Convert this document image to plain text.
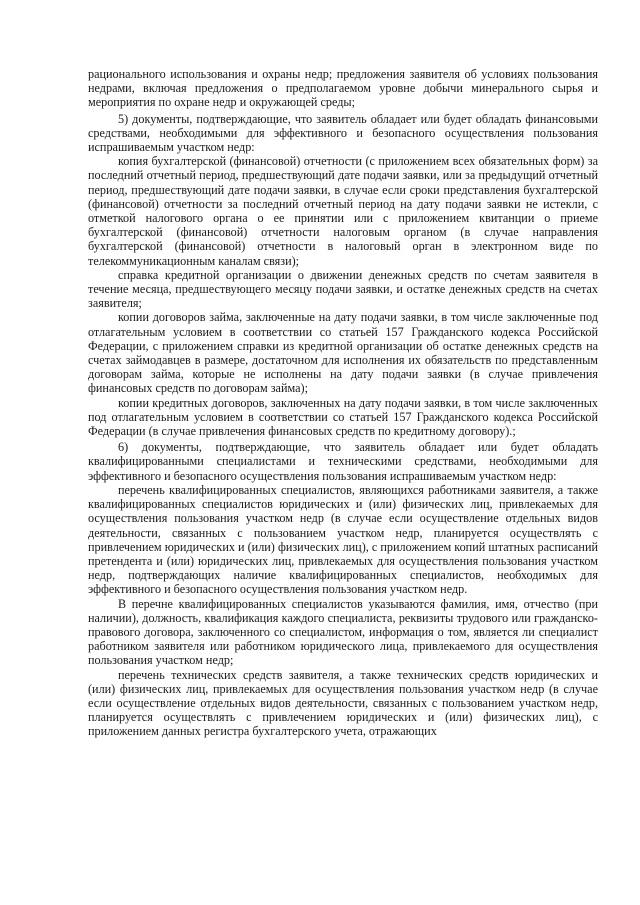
рационального использования и охраны недр; предложения заявителя об условиях пользования недрами, включая предложения о предполагаемом уровне добычи минерального сырья и мероприятия по охране недр и окружающей среды;

5) документы, подтверждающие, что заявитель обладает или будет обладать финансовыми средствами, необходимыми для эффективного и безопасного осуществления пользования испрашиваемым участком недр:

копия бухгалтерской (финансовой) отчетности (с приложением всех обязательных форм) за последний отчетный период, предшествующий дате подачи заявки, или за предыдущий отчетный период, предшествующий дате подачи заявки, в случае если сроки представления бухгалтерской (финансовой) отчетности за последний отчетный период на дату подачи заявки не истекли, с отметкой налогового органа о ее принятии или с приложением квитанции о приеме бухгалтерской (финансовой) отчетности налоговым органом (в случае направления бухгалтерской (финансовой) отчетности в налоговый орган в электронном виде по телекоммуникационным каналам связи);

справка кредитной организации о движении денежных средств по счетам заявителя в течение месяца, предшествующего месяцу подачи заявки, и остатке денежных средств на счетах заявителя;

копии договоров займа, заключенные на дату подачи заявки, в том числе заключенные под отлагательным условием в соответствии со статьей 157 Гражданского кодекса Российской Федерации, с приложением справки из кредитной организации об остатке денежных средств на счетах займодавцев в размере, достаточном для исполнения их обязательств по представленным договорам займа, которые не исполнены на дату подачи заявки (в случае привлечения финансовых средств по договорам займа);

копии кредитных договоров, заключенных на дату подачи заявки, в том числе заключенных под отлагательным условием в соответствии со статьей 157 Гражданского кодекса Российской Федерации (в случае привлечения финансовых средств по кредитному договору).;

6) документы, подтверждающие, что заявитель обладает или будет обладать квалифицированными специалистами и техническими средствами, необходимыми для эффективного и безопасного осуществления пользования испрашиваемым участком недр:

перечень квалифицированных специалистов, являющихся работниками заявителя, а также квалифицированных специалистов юридических и (или) физических лиц, привлекаемых для осуществления пользования участком недр (в случае если осуществление отдельных видов деятельности, связанных с пользованием участком недр, планируется осуществлять с привлечением юридических и (или) физических лиц), с приложением копий штатных расписаний претендента и (или) юридических лиц, привлекаемых для осуществления пользования участком недр, подтверждающих наличие квалифицированных специалистов, необходимых для эффективного и безопасного осуществления пользования участком недр.

В перечне квалифицированных специалистов указываются фамилия, имя, отчество (при наличии), должность, квалификация каждого специалиста, реквизиты трудового или гражданско-правового договора, заключенного со специалистом, информация о том, является ли специалист работником заявителя или работником юридического лица, привлекаемого для осуществления пользования участком недр;

перечень технических средств заявителя, а также технических средств юридических и (или) физических лиц, привлекаемых для осуществления пользования участком недр (в случае если осуществление отдельных видов деятельности, связанных с пользованием участком недр, планируется осуществлять с привлечением юридических и (или) физических лиц), с приложением данных регистра бухгалтерского учета, отражающих
